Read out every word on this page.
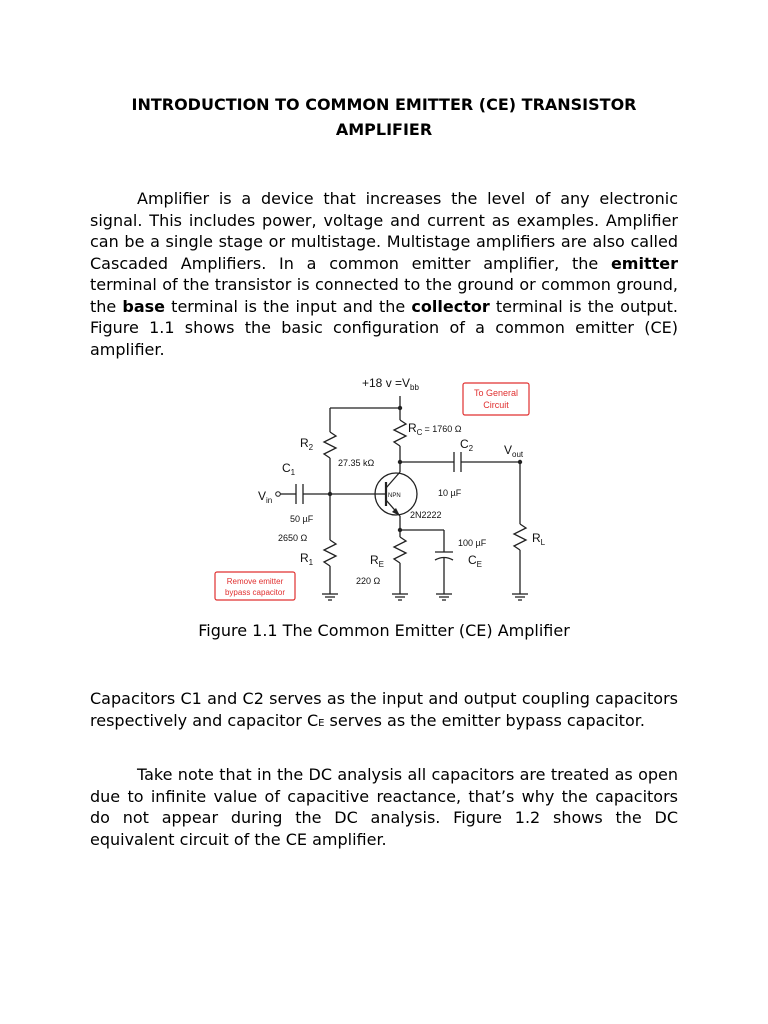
INTRODUCTION TO COMMON EMITTER (CE) TRANSISTOR AMPLIFIER

Amplifier is a device that increases the level of any electronic signal. This includes power, voltage and current as examples. Amplifier can be a single stage or multistage. Multistage amplifiers are also called Cascaded Amplifiers. In a common emitter amplifier, the emitter terminal of the transistor is connected to the ground or common ground, the base terminal is the input and the collector terminal is the output. Figure 1.1 shows the basic configuration of a common emitter (CE) amplifier.

+18 $v =V_{bb}$
$R_2$
27.35 kΩ
$R_C$ $^{= 1760 \Omega}$
$C_1$
$V_{in}$
50 µF
$C_2$	$V_{out}$
10 µF
NPN
2N2222
2650 Ω
$R_1$	$R_E$
220 Ω
100 µF
$C_E$
$R_L$
To General
Circuit
Remove emitter
bypass capacitor
Figure 1.1 The Common Emitter (CE) Amplifier

Capacitors C1 and C2 serves as the input and output coupling capacitors respectively and capacitor CE serves as the emitter bypass capacitor.

Take note that in the DC analysis all capacitors are treated as open due to infinite value of capacitive reactance, that’s why the capacitors do not appear during the DC analysis. Figure 1.2 shows the DC equivalent circuit of the CE amplifier.
